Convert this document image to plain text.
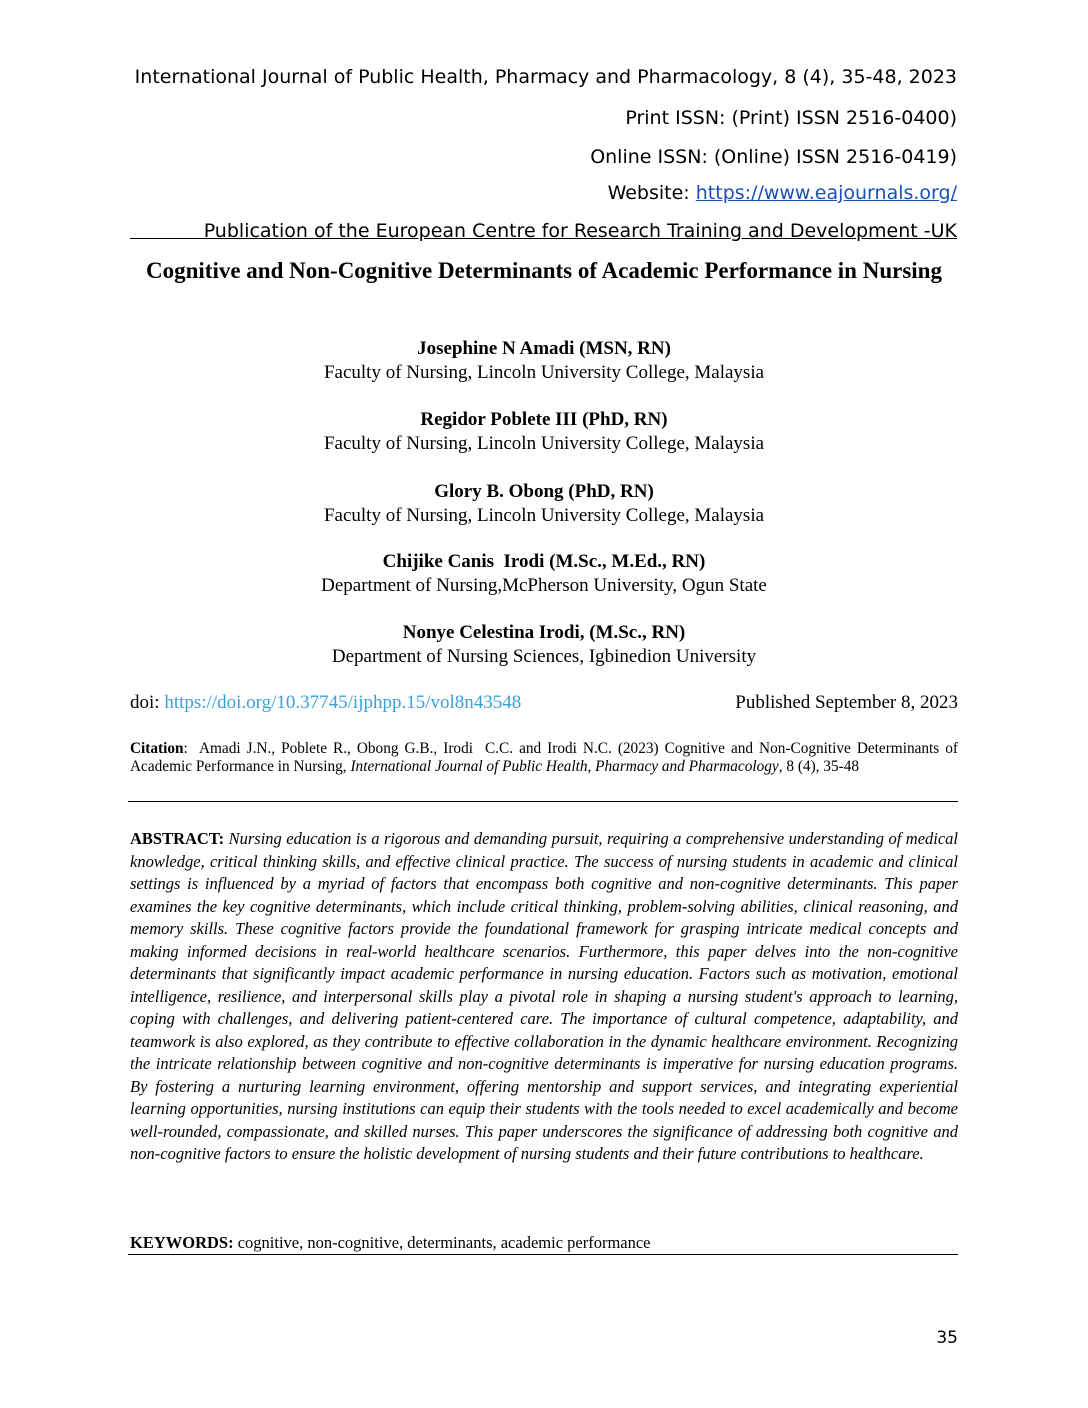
International Journal of Public Health, Pharmacy and Pharmacology, 8 (4), 35-48, 2023
Print ISSN: (Print) ISSN 2516-0400)
Online ISSN: (Online) ISSN 2516-0419)
Website: https://www.eajournals.org/
Publication of the European Centre for Research Training and Development -UK
Cognitive and Non-Cognitive Determinants of Academic Performance in Nursing
Josephine N Amadi (MSN, RN)
Faculty of Nursing, Lincoln University College, Malaysia
Regidor Poblete III (PhD, RN)
Faculty of Nursing, Lincoln University College, Malaysia
Glory B. Obong (PhD, RN)
Faculty of Nursing, Lincoln University College, Malaysia
Chijike Canis  Irodi (M.Sc., M.Ed., RN)
Department of Nursing,McPherson University, Ogun State
Nonye Celestina Irodi, (M.Sc., RN)
Department of Nursing Sciences, Igbinedion University
doi: https://doi.org/10.37745/ijphpp.15/vol8n43548	Published September 8, 2023
Citation:  Amadi J.N., Poblete R., Obong G.B., Irodi  C.C. and Irodi N.C. (2023) Cognitive and Non-Cognitive Determinants of Academic Performance in Nursing, International Journal of Public Health, Pharmacy and Pharmacology, 8 (4), 35-48
ABSTRACT: Nursing education is a rigorous and demanding pursuit, requiring a comprehensive understanding of medical knowledge, critical thinking skills, and effective clinical practice. The success of nursing students in academic and clinical settings is influenced by a myriad of factors that encompass both cognitive and non-cognitive determinants. This paper examines the key cognitive determinants, which include critical thinking, problem-solving abilities, clinical reasoning, and memory skills. These cognitive factors provide the foundational framework for grasping intricate medical concepts and making informed decisions in real-world healthcare scenarios. Furthermore, this paper delves into the non-cognitive determinants that significantly impact academic performance in nursing education. Factors such as motivation, emotional intelligence, resilience, and interpersonal skills play a pivotal role in shaping a nursing student's approach to learning, coping with challenges, and delivering patient-centered care. The importance of cultural competence, adaptability, and teamwork is also explored, as they contribute to effective collaboration in the dynamic healthcare environment. Recognizing the intricate relationship between cognitive and non-cognitive determinants is imperative for nursing education programs. By fostering a nurturing learning environment, offering mentorship and support services, and integrating experiential learning opportunities, nursing institutions can equip their students with the tools needed to excel academically and become well-rounded, compassionate, and skilled nurses. This paper underscores the significance of addressing both cognitive and non-cognitive factors to ensure the holistic development of nursing students and their future contributions to healthcare.
KEYWORDS: cognitive, non-cognitive, determinants, academic performance
35
